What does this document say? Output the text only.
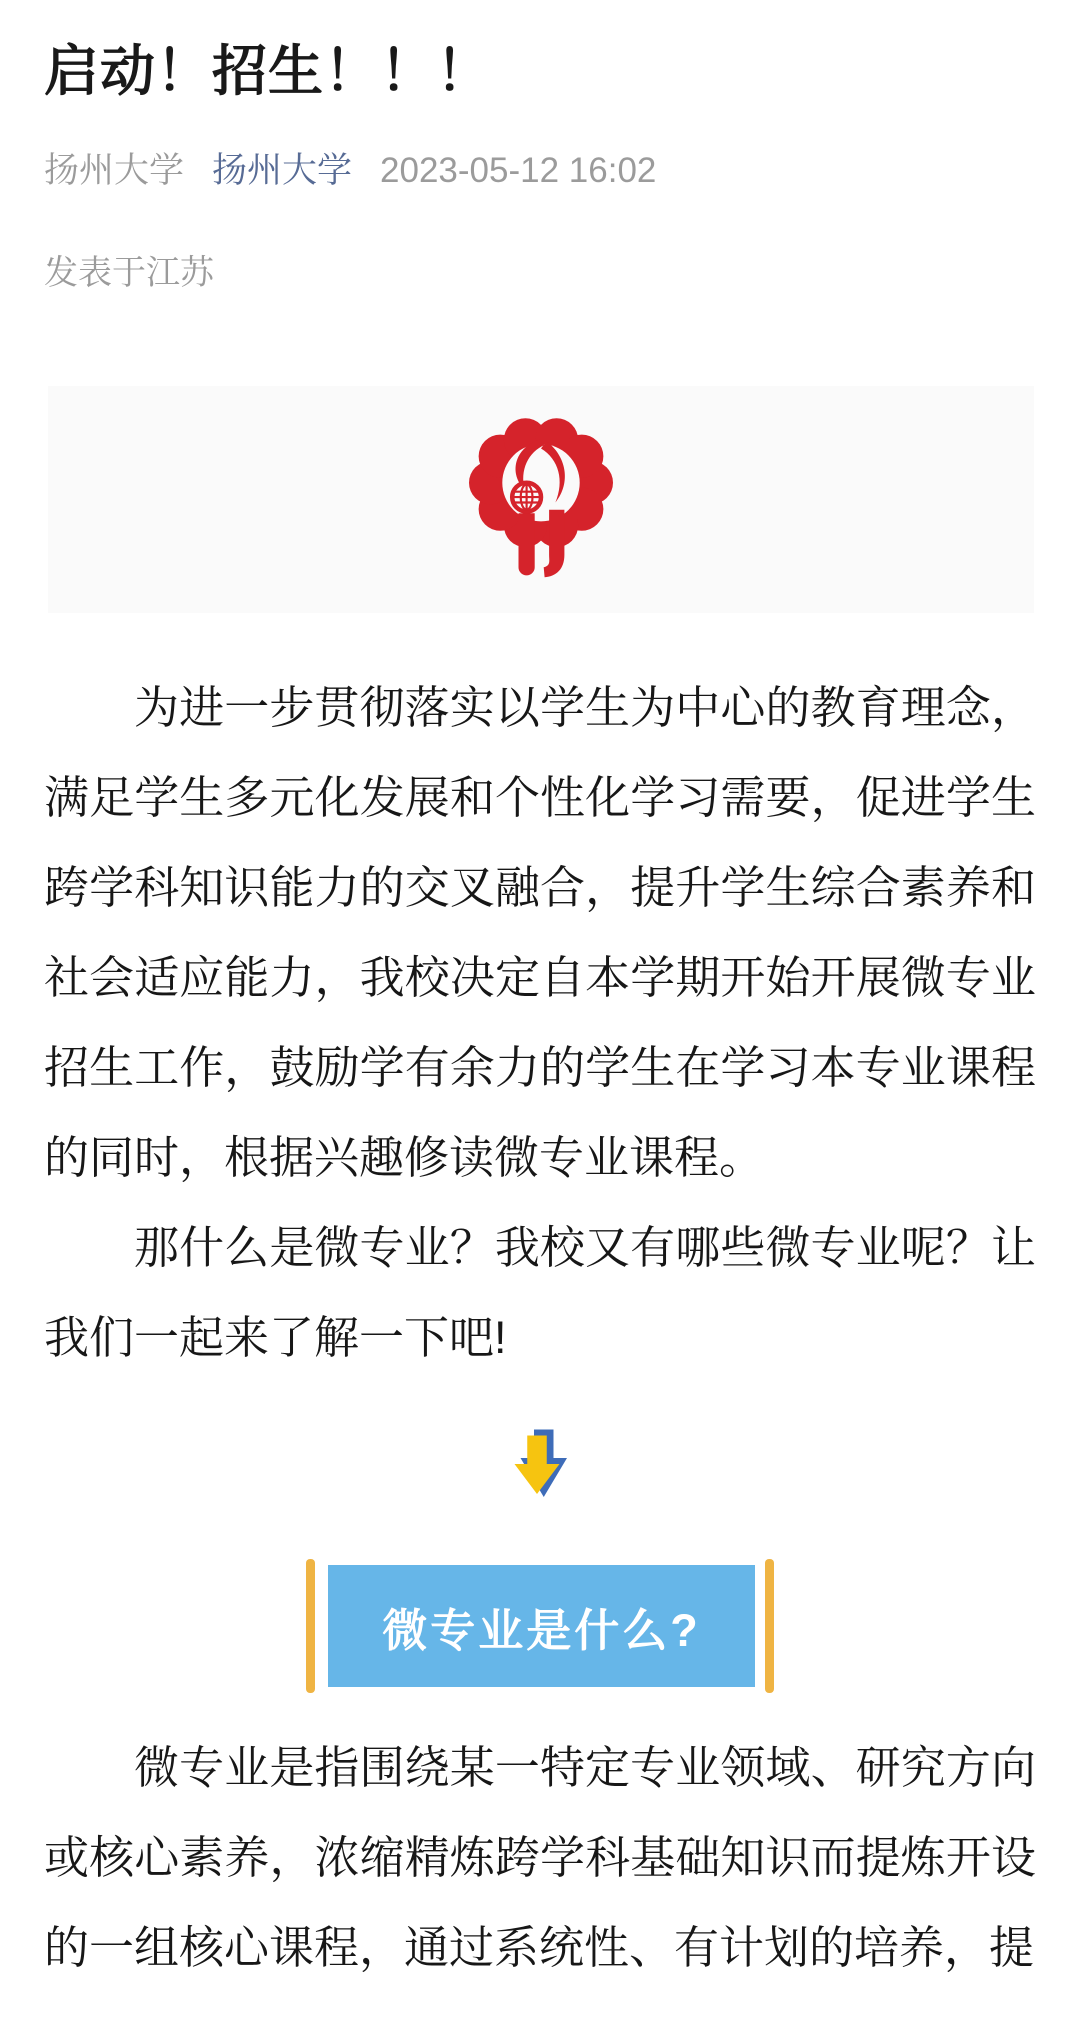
启动！招生！！！
扬州大学 扬州大学 2023-05-12 16:02
发表于江苏

为进一步贯彻落实以学生为中心的教育理念，满足学生多元化发展和个性化学习需要，促进学生跨学科知识能力的交叉融合，提升学生综合素养和社会适应能力，我校决定自本学期开始开展微专业招生工作，鼓励学有余力的学生在学习本专业课程的同时，根据兴趣修读微专业课程。

那什么是微专业？我校又有哪些微专业呢？让我们一起来了解一下吧!

微专业是什么?

微专业是指围绕某一特定专业领域、研究方向或核心素养，浓缩精炼跨学科基础知识而提炼开设的一组核心课程，通过系统性、有计划的培养，提
